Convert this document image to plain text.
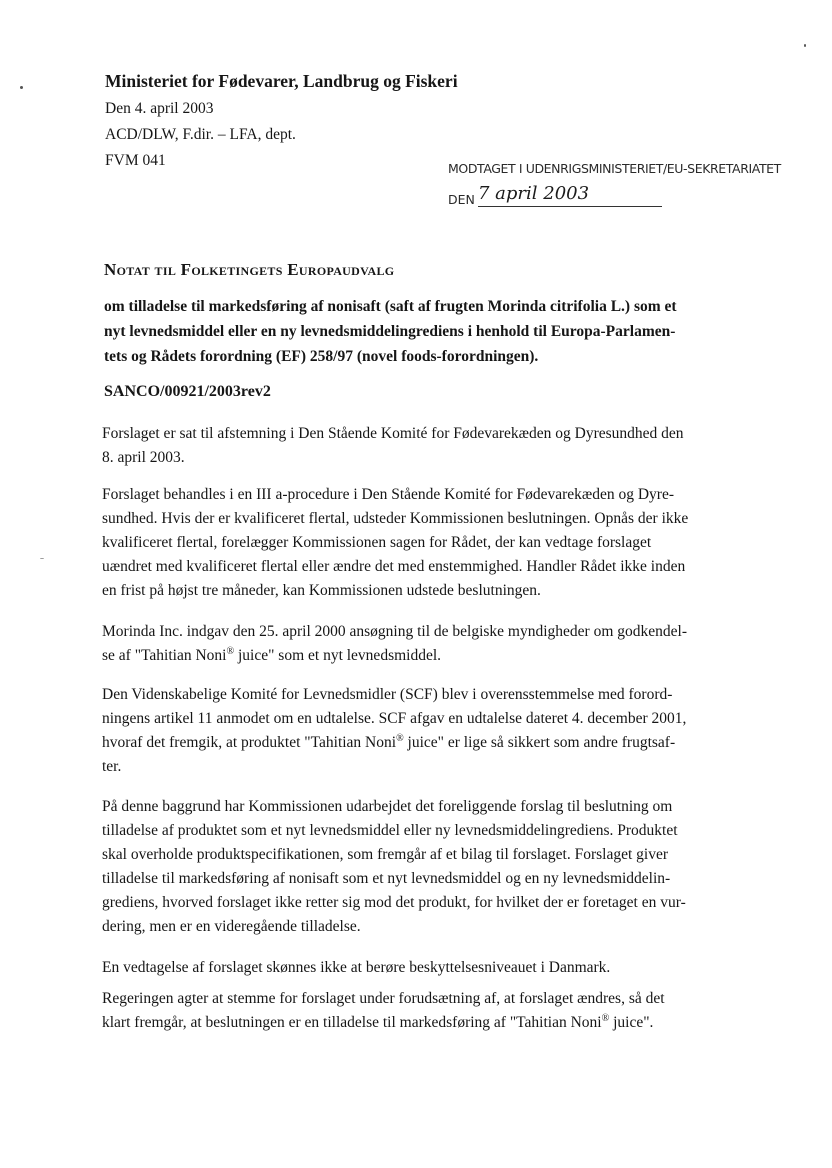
Ministeriet for Fødevarer, Landbrug og Fiskeri
Den 4. april 2003
ACD/DLW, F.dir. – LFA, dept.
FVM 041	MODTAGET I UDENRIGSMINISTERIET/EU-SEKRETARIATET
DEN 7 april 2003
Notat til Folketingets Europaudvalg
om tilladelse til markedsføring af nonisaft (saft af frugten Morinda citrifolia L.) som et
nyt levnedsmiddel eller en ny levnedsmiddelingrediens i henhold til Europa-Parlamen-
tets og Rådets forordning (EF) 258/97 (novel foods-forordningen).
SANCO/00921/2003rev2
Forslaget er sat til afstemning i Den Stående Komité for Fødevarekæden og Dyresundhed den
8. april 2003.
Forslaget behandles i en III a-procedure i Den Stående Komité for Fødevarekæden og Dyre-
sundhed. Hvis der er kvalificeret flertal, udsteder Kommissionen beslutningen. Opnås der ikke
kvalificeret flertal, forelægger Kommissionen sagen for Rådet, der kan vedtage forslaget
uændret med kvalificeret flertal eller ændre det med enstemmighed. Handler Rådet ikke inden
en frist på højst tre måneder, kan Kommissionen udstede beslutningen.
Morinda Inc. indgav den 25. april 2000 ansøgning til de belgiske myndigheder om godkendel-
se af "Tahitian Noni® juice" som et nyt levnedsmiddel.
Den Videnskabelige Komité for Levnedsmidler (SCF) blev i overensstemmelse med forord-
ningens artikel 11 anmodet om en udtalelse. SCF afgav en udtalelse dateret 4. december 2001,
hvoraf det fremgik, at produktet "Tahitian Noni® juice" er lige så sikkert som andre frugtsaf-
ter.
På denne baggrund har Kommissionen udarbejdet det foreliggende forslag til beslutning om
tilladelse af produktet som et nyt levnedsmiddel eller ny levnedsmiddelingrediens. Produktet
skal overholde produktspecifikationen, som fremgår af et bilag til forslaget. Forslaget giver
tilladelse til markedsføring af nonisaft som et nyt levnedsmiddel og en ny levnedsmiddelin-
grediens, hvorved forslaget ikke retter sig mod det produkt, for hvilket der er foretaget en vur-
dering, men er en videregående tilladelse.
En vedtagelse af forslaget skønnes ikke at berøre beskyttelsesniveauet i Danmark.
Regeringen agter at stemme for forslaget under forudsætning af, at forslaget ændres, så det
klart fremgår, at beslutningen er en tilladelse til markedsføring af "Tahitian Noni® juice".
